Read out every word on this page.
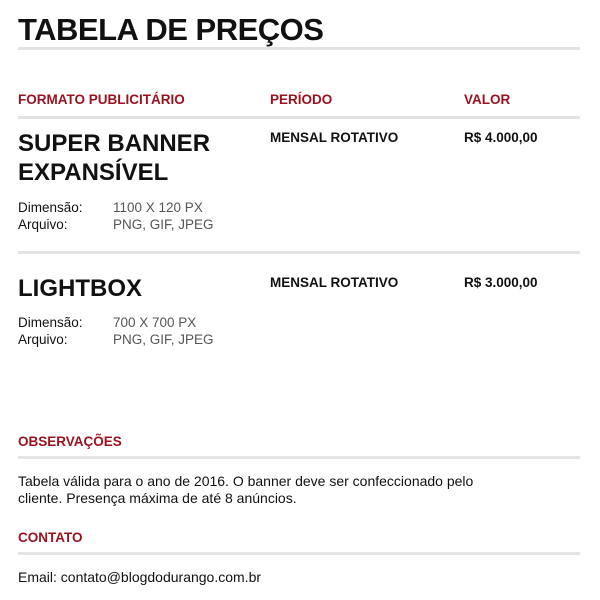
TABELA DE PREÇOS
FORMATO PUBLICITÁRIO	PERÍODO	VALOR
SUPER BANNER
EXPANSÍVEL
Dimensão: 1100 X 120 PX
Arquivo:	PNG, GIF, JPEG
MENSAL ROTATIVO	R$ 4.000,00
LIGHTBOX
Dimensão: 700 X 700 PX
Arquivo:	PNG, GIF, JPEG
MENSAL ROTATIVO	R$ 3.000,00
OBSERVAÇÕES
Tabela válida para o ano de 2016. O banner deve ser confeccionado pelo
cliente. Presença máxima de até 8 anúncios.
CONTATO
Email: contato@blogdodurango.com.br
